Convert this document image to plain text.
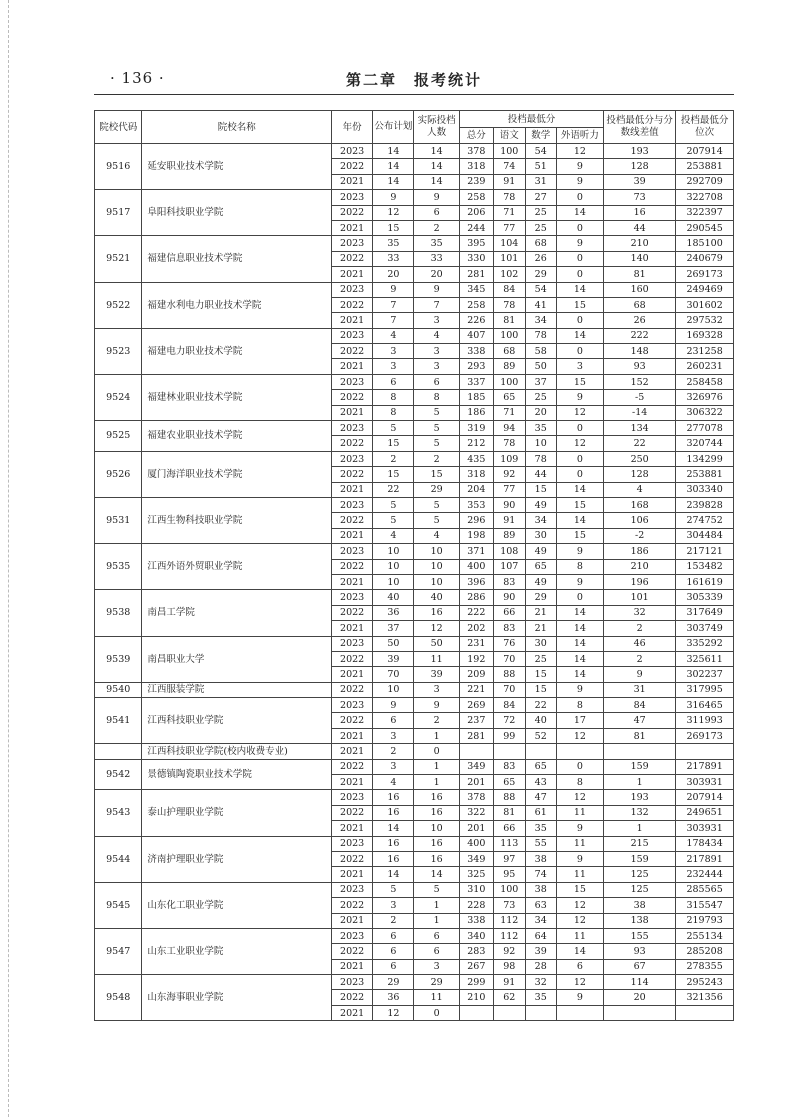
· 136 ·	第二章　报考统计
院校代码	院校名称	年份	公布计划	实际投档人数	投档最低分				投档最低分与分数线差值	投档最低分位次
					总分	语文	数学	外语听力		
9516	延安职业技术学院	2023	14	14	378	100	54	12	193	207914
		2022	14	14	318	74	51	9	128	253881
		2021	14	14	239	91	31	9	39	292709
9517	阜阳科技职业学院	2023	9	9	258	78	27	0	73	322708
		2022	12	6	206	71	25	14	16	322397
		2021	15	2	244	77	25	0	44	290545
9521	福建信息职业技术学院	2023	35	35	395	104	68	9	210	185100
		2022	33	33	330	101	26	0	140	240679
		2021	20	20	281	102	29	0	81	269173
9522	福建水利电力职业技术学院	2023	9	9	345	84	54	14	160	249469
		2022	7	7	258	78	41	15	68	301602
		2021	7	3	226	81	34	0	26	297532
9523	福建电力职业技术学院	2023	4	4	407	100	78	14	222	169328
		2022	3	3	338	68	58	0	148	231258
		2021	3	3	293	89	50	3	93	260231
9524	福建林业职业技术学院	2023	6	6	337	100	37	15	152	258458
		2022	8	8	185	65	25	9	-5	326976
		2021	8	5	186	71	20	12	-14	306322
9525	福建农业职业技术学院	2023	5	5	319	94	35	0	134	277078
		2022	15	5	212	78	10	12	22	320744
9526	厦门海洋职业技术学院	2023	2	2	435	109	78	0	250	134299
		2022	15	15	318	92	44	0	128	253881
		2021	22	29	204	77	15	14	4	303340
9531	江西生物科技职业学院	2023	5	5	353	90	49	15	168	239828
		2022	5	5	296	91	34	14	106	274752
		2021	4	4	198	89	30	15	-2	304484
9535	江西外语外贸职业学院	2023	10	10	371	108	49	9	186	217121
		2022	10	10	400	107	65	8	210	153482
		2021	10	10	396	83	49	9	196	161619
9538	南昌工学院	2023	40	40	286	90	29	0	101	305339
		2022	36	16	222	66	21	14	32	317649
		2021	37	12	202	83	21	14	2	303749
9539	南昌职业大学	2023	50	50	231	76	30	14	46	335292
		2022	39	11	192	70	25	14	2	325611
		2021	70	39	209	88	15	14	9	302237
9540	江西服装学院	2022	10	3	221	70	15	9	31	317995
9541	江西科技职业学院	2023	9	9	269	84	22	8	84	316465
		2022	6	2	237	72	40	17	47	311993
		2021	3	1	281	99	52	12	81	269173
	江西科技职业学院(校内收费专业)	2021	2	0						
9542	景德镇陶瓷职业技术学院	2022	3	1	349	83	65	0	159	217891
		2021	4	1	201	65	43	8	1	303931
9543	泰山护理职业学院	2023	16	16	378	88	47	12	193	207914
		2022	16	16	322	81	61	11	132	249651
		2021	14	10	201	66	35	9	1	303931
9544	济南护理职业学院	2023	16	16	400	113	55	11	215	178434
		2022	16	16	349	97	38	9	159	217891
		2021	14	14	325	95	74	11	125	232444
9545	山东化工职业学院	2023	5	5	310	100	38	15	125	285565
		2022	3	1	228	73	63	12	38	315547
		2021	2	1	338	112	34	12	138	219793
9547	山东工业职业学院	2023	6	6	340	112	64	11	155	255134
		2022	6	6	283	92	39	14	93	285208
		2021	6	3	267	98	28	6	67	278355
9548	山东海事职业学院	2023	29	29	299	91	32	12	114	295243
		2022	36	11	210	62	35	9	20	321356
		2021	12	0						
